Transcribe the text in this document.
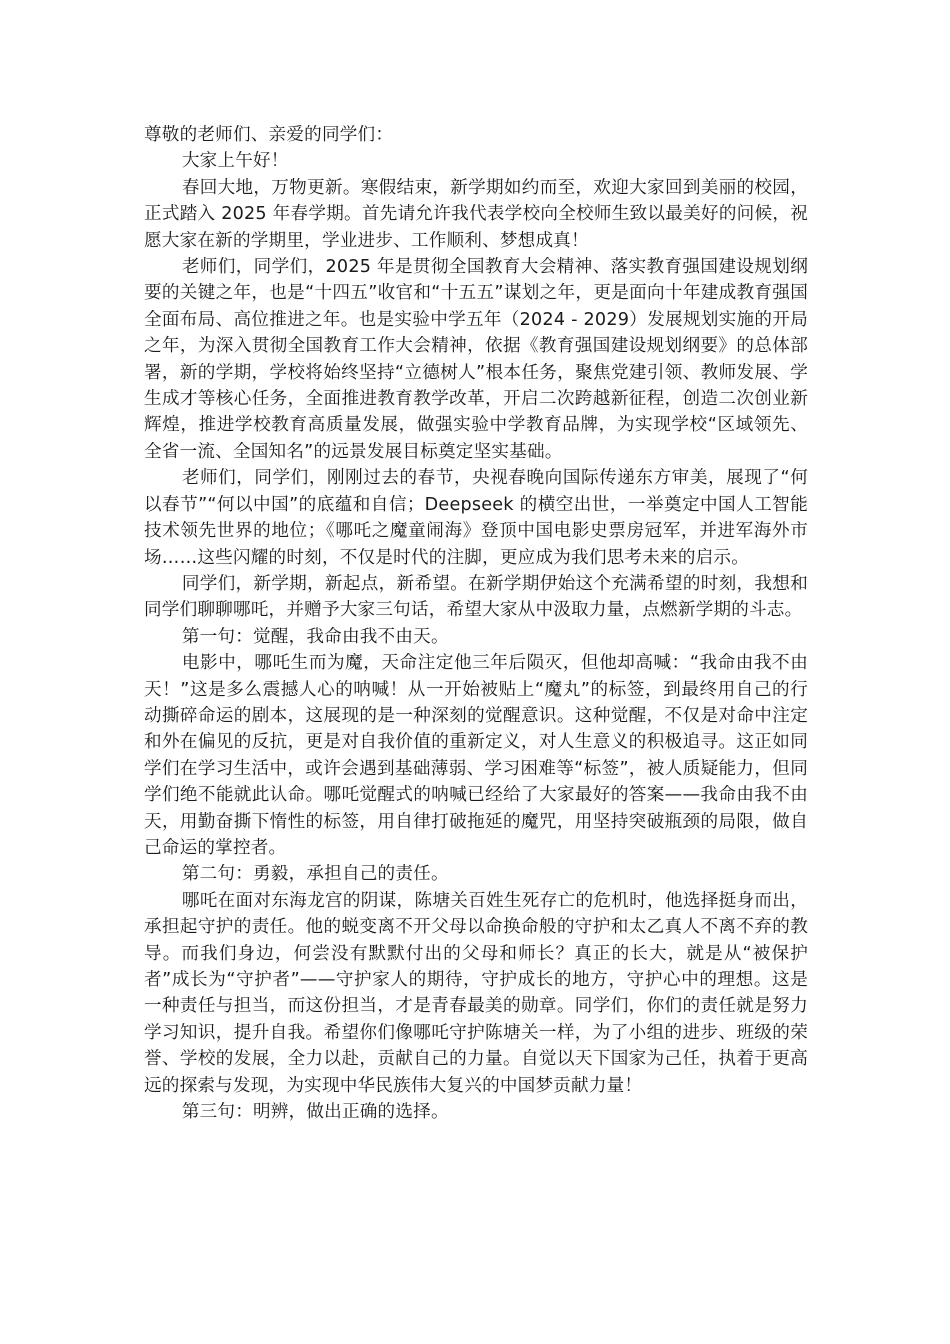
尊敬的老师们、亲爱的同学们：

大家上午好！

春回大地，万物更新。寒假结束，新学期如约而至，欢迎大家回到美丽的校园，正式踏入 2025 年春学期。首先请允许我代表学校向全校师生致以最美好的问候，祝愿大家在新的学期里，学业进步、工作顺利、梦想成真！

老师们，同学们，2025 年是贯彻全国教育大会精神、落实教育强国建设规划纲要的关键之年，也是“十四五”收官和“十五五”谋划之年，更是面向十年建成教育强国全面布局、高位推进之年。也是实验中学五年（2024 - 2029）发展规划实施的开局之年，为深入贯彻全国教育工作大会精神，依据《教育强国建设规划纲要》的总体部署，新的学期，学校将始终坚持“立德树人”根本任务，聚焦党建引领、教师发展、学生成才等核心任务，全面推进教育教学改革，开启二次跨越新征程，创造二次创业新辉煌，推进学校教育高质量发展，做强实验中学教育品牌，为实现学校“区域领先、全省一流、全国知名”的远景发展目标奠定坚实基础。

老师们，同学们，刚刚过去的春节，央视春晚向国际传递东方审美，展现了“何以春节”“何以中国”的底蕴和自信；Deepseek 的横空出世，一举奠定中国人工智能技术领先世界的地位；《哪吒之魔童闹海》登顶中国电影史票房冠军，并进军海外市场……这些闪耀的时刻，不仅是时代的注脚，更应成为我们思考未来的启示。

同学们，新学期，新起点，新希望。在新学期伊始这个充满希望的时刻，我想和同学们聊聊哪吒，并赠予大家三句话，希望大家从中汲取力量，点燃新学期的斗志。

第一句：觉醒，我命由我不由天。

电影中，哪吒生而为魔，天命注定他三年后陨灭，但他却高喊：“我命由我不由天！”这是多么震撼人心的呐喊！从一开始被贴上“魔丸”的标签，到最终用自己的行动撕碎命运的剧本，这展现的是一种深刻的觉醒意识。这种觉醒，不仅是对命中注定和外在偏见的反抗，更是对自我价值的重新定义，对人生意义的积极追寻。这正如同学们在学习生活中，或许会遇到基础薄弱、学习困难等“标签”，被人质疑能力，但同学们绝不能就此认命。哪吒觉醒式的呐喊已经给了大家最好的答案——我命由我不由天，用勤奋撕下惰性的标签，用自律打破拖延的魔咒，用坚持突破瓶颈的局限，做自己命运的掌控者。

第二句：勇毅，承担自己的责任。

哪吒在面对东海龙宫的阴谋，陈塘关百姓生死存亡的危机时，他选择挺身而出，承担起守护的责任。他的蜕变离不开父母以命换命般的守护和太乙真人不离不弃的教导。而我们身边，何尝没有默默付出的父母和师长？真正的长大，就是从“被保护者”成长为“守护者”——守护家人的期待，守护成长的地方，守护心中的理想。这是一种责任与担当，而这份担当，才是青春最美的勋章。同学们，你们的责任就是努力学习知识，提升自我。希望你们像哪吒守护陈塘关一样，为了小组的进步、班级的荣誉、学校的发展，全力以赴，贡献自己的力量。自觉以天下国家为己任，执着于更高远的探索与发现，为实现中华民族伟大复兴的中国梦贡献力量！

第三句：明辨，做出正确的选择。
